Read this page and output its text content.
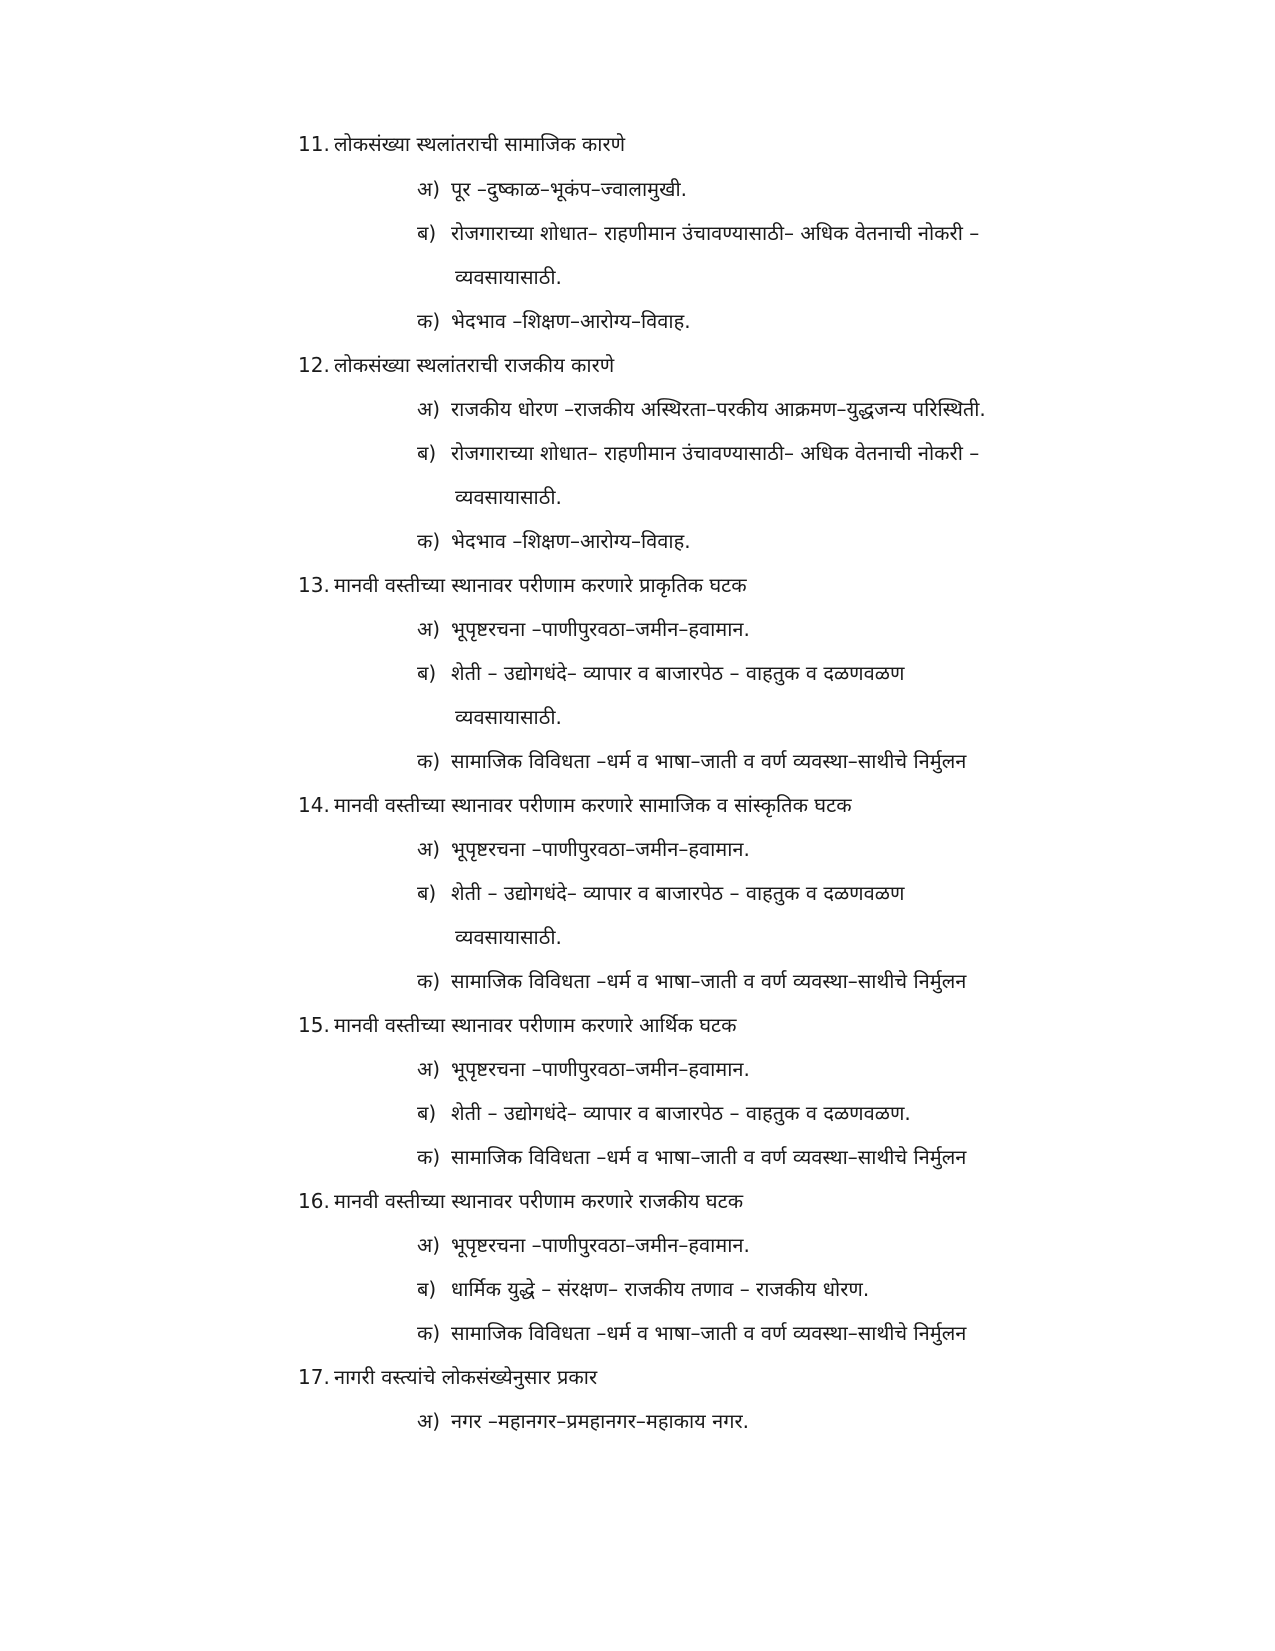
11. लोकसंख्या स्थलांतराची सामाजिक कारणे
अ) पूर –दुष्काळ–भूकंप–ज्वालामुखी.
ब) रोजगाराच्या शोधात– राहणीमान उंचावण्यासाठी– अधिक वेतनाची नोकरी –
व्यवसायासाठी.
क) भेदभाव –शिक्षण–आरोग्य–विवाह.
12. लोकसंख्या स्थलांतराची राजकीय कारणे
अ) राजकीय धोरण –राजकीय अस्थिरता–परकीय आक्रमण–युद्धजन्य परिस्थिती.
ब) रोजगाराच्या शोधात– राहणीमान उंचावण्यासाठी– अधिक वेतनाची नोकरी –
व्यवसायासाठी.
क) भेदभाव –शिक्षण–आरोग्य–विवाह.
13. मानवी वस्तीच्या स्थानावर परीणाम करणारे प्राकृतिक घटक
अ) भूपृष्टरचना –पाणीपुरवठा–जमीन–हवामान.
ब) शेती – उद्योगधंदे– व्यापार व बाजारपेठ – वाहतुक व दळणवळण
व्यवसायासाठी.
क) सामाजिक विविधता –धर्म व भाषा–जाती व वर्ण व्यवस्था–साथीचे निर्मुलन
14. मानवी वस्तीच्या स्थानावर परीणाम करणारे सामाजिक व सांस्कृतिक घटक
अ) भूपृष्टरचना –पाणीपुरवठा–जमीन–हवामान.
ब) शेती – उद्योगधंदे– व्यापार व बाजारपेठ – वाहतुक व दळणवळण
व्यवसायासाठी.
क) सामाजिक विविधता –धर्म व भाषा–जाती व वर्ण व्यवस्था–साथीचे निर्मुलन
15. मानवी वस्तीच्या स्थानावर परीणाम करणारे आर्थिक घटक
अ) भूपृष्टरचना –पाणीपुरवठा–जमीन–हवामान.
ब) शेती – उद्योगधंदे– व्यापार व बाजारपेठ – वाहतुक व दळणवळण.
क) सामाजिक विविधता –धर्म व भाषा–जाती व वर्ण व्यवस्था–साथीचे निर्मुलन
16. मानवी वस्तीच्या स्थानावर परीणाम करणारे राजकीय घटक
अ) भूपृष्टरचना –पाणीपुरवठा–जमीन–हवामान.
ब) धार्मिक युद्धे – संरक्षण– राजकीय तणाव – राजकीय धोरण.
क) सामाजिक विविधता –धर्म व भाषा–जाती व वर्ण व्यवस्था–साथीचे निर्मुलन
17. नागरी वस्त्यांचे लोकसंख्येनुसार प्रकार
अ) नगर –महानगर–प्रमहानगर–महाकाय नगर.
